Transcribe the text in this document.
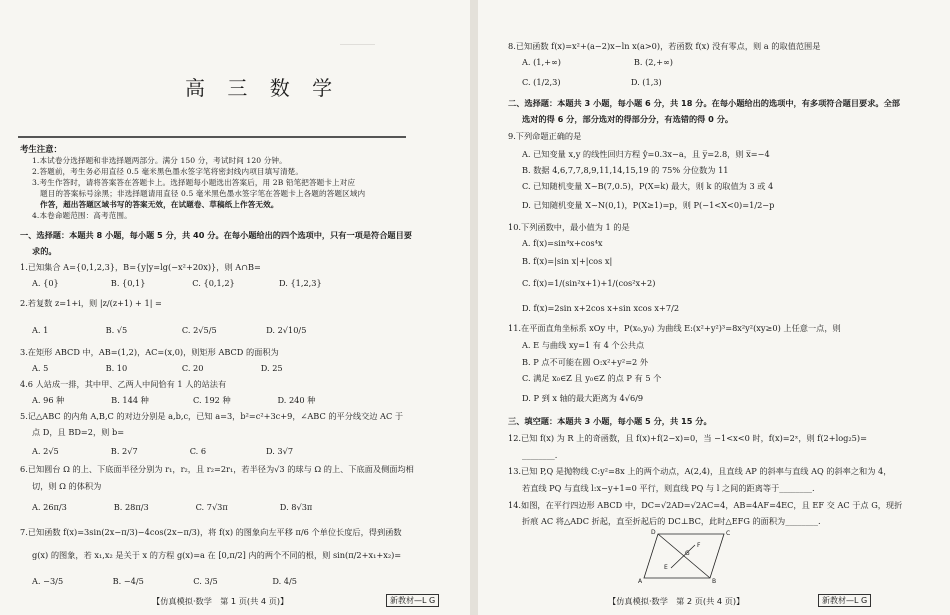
―――――
高 三 数 学
考生注意：
1.本试卷分选择题和非选择题两部分。满分 150 分，考试时间 120 分钟。
2.答题前，考生务必用直径 0.5 毫米黑色墨水签字笔将密封线内项目填写清楚。
3.考生作答时，请将答案答在答题卡上。选择题每小题选出答案后，用 2B 铅笔把答题卡上对应
题目的答案标号涂黑；非选择题请用直径 0.5 毫米黑色墨水签字笔在答题卡上各题的答题区域内
作答，超出答题区域书写的答案无效，在试题卷、草稿纸上作答无效。
4.本卷命题范围：高考范围。
一、选择题：本题共 8 小题，每小题 5 分，共 40 分。在每小题给出的四个选项中，只有一项是符合题目要
求的。
1.已知集合 A={0,1,2,3}，B={y|y=lg(−x²+20x)}，则 A∩B=
A. {0}                    B. {0,1}                  C. {0,1,2}                 D. {1,2,3}
2.若复数 z=1+i，则 |z/(z+1) + 1| =
A. 1                      B. √5                     C. 2√5/5                   D. 2√10/5
3.在矩形 ABCD 中，AB=(1,2)，AC=(x,0)，则矩形 ABCD 的面积为
A. 5                      B. 10                     C. 20                      D. 25
4.6 人站成一排，其中甲、乙两人中间恰有 1 人的站法有
A. 96 种                  B. 144 种                 C. 192 种                  D. 240 种
5.记△ABC 的内角 A,B,C 的对边分别是 a,b,c，已知 a=3，b²=c²+3c+9，∠ABC 的平分线交边 AC 于
点 D，且 BD=2，则 b=
A. 2√5                    B. 2√7                    C. 6                       D. 3√7
6.已知圆台 Ω 的上、下底面半径分别为 r₁，r₂，且 r₂=2r₁，若半径为√3 的球与 Ω 的上、下底面及侧面均相
切，则 Ω 的体积为
A. 26π/3                  B. 28π/3                  C. 7√3π                    D. 8√3π
7.已知函数 f(x)=3sin(2x−π/3)−4cos(2x−π/3)，将 f(x) 的图象向左平移 π/6 个单位长度后，得到函数
g(x) 的图象，若 x₁,x₂ 是关于 x 的方程 g(x)=a 在 [0,π/2] 内的两个不同的根，则 sin(π/2+x₁+x₂)=
A. −3/5                   B. −4/5                   C. 3/5                     D. 4/5
【仿真模拟·数学　第 1 页(共 4 页)】	新教材—L G
8.已知函数 f(x)=x²+(a−2)x−ln x(a>0)，若函数 f(x) 没有零点，则 a 的取值范围是
A. (1,+∞)                            B. (2,+∞)
C. (1/2,3)                           D. (1,3)
二、选择题：本题共 3 小题，每小题 6 分，共 18 分。在每小题给出的选项中，有多项符合题目要求。全部
选对的得 6 分，部分选对的得部分分，有选错的得 0 分。
9.下列命题正确的是
A. 已知变量 x,y 的线性回归方程 ŷ=0.3x−a，且 y̅=2.8，则 x̅=−4
B. 数据 4,6,7,7,8,9,11,14,15,19 的 75% 分位数为 11
C. 已知随机变量 X~B(7,0.5)，P(X=k) 最大，则 k 的取值为 3 或 4
D. 已知随机变量 X~N(0,1)，P(X≥1)=p，则 P(−1<X<0)=1/2−p
10.下列函数中，最小值为 1 的是
A. f(x)=sin⁴x+cos⁴x
B. f(x)=|sin x|+|cos x|
C. f(x)=1/(sin²x+1)+1/(cos²x+2)
D. f(x)=2sin x+2cos x+sin xcos x+7/2
11.在平面直角坐标系 xOy 中，P(x₀,y₀) 为曲线 E:(x²+y²)³=8x²y²(xy≥0) 上任意一点，则
A. E 与曲线 xy=1 有 4 个公共点
B. P 点不可能在圆 O:x²+y²=2 外
C. 满足 x₀∈Z 且 y₀∈Z 的点 P 有 5 个
D. P 到 x 轴的最大距离为 4√6/9
三、填空题：本题共 3 小题，每小题 5 分，共 15 分。
12.已知 f(x) 为 R 上的奇函数，且 f(x)+f(2−x)=0，当 −1<x<0 时，f(x)=2ˣ，则 f(2+log₂5)=
________.
13.已知 P,Q 是抛物线 C:y²=8x 上的两个动点，A(2,4)，且直线 AP 的斜率与直线 AQ 的斜率之和为 4，
若直线 PQ 与直线 l:x−y+1=0 平行，则直线 PQ 与 l 之间的距离等于________.
14.如图，在平行四边形 ABCD 中，DC=√2AD=√2AC=4，AB=4AF=4EC，且 EF 交 AC 于点 G，现折
折痕 AC 将△ADC 折起，直至折起后的 DC⊥BC，此时△EFG 的面积为________.
D	C
F
G
E
A	B
【仿真模拟·数学　第 2 页(共 4 页)】	新教材—L G
